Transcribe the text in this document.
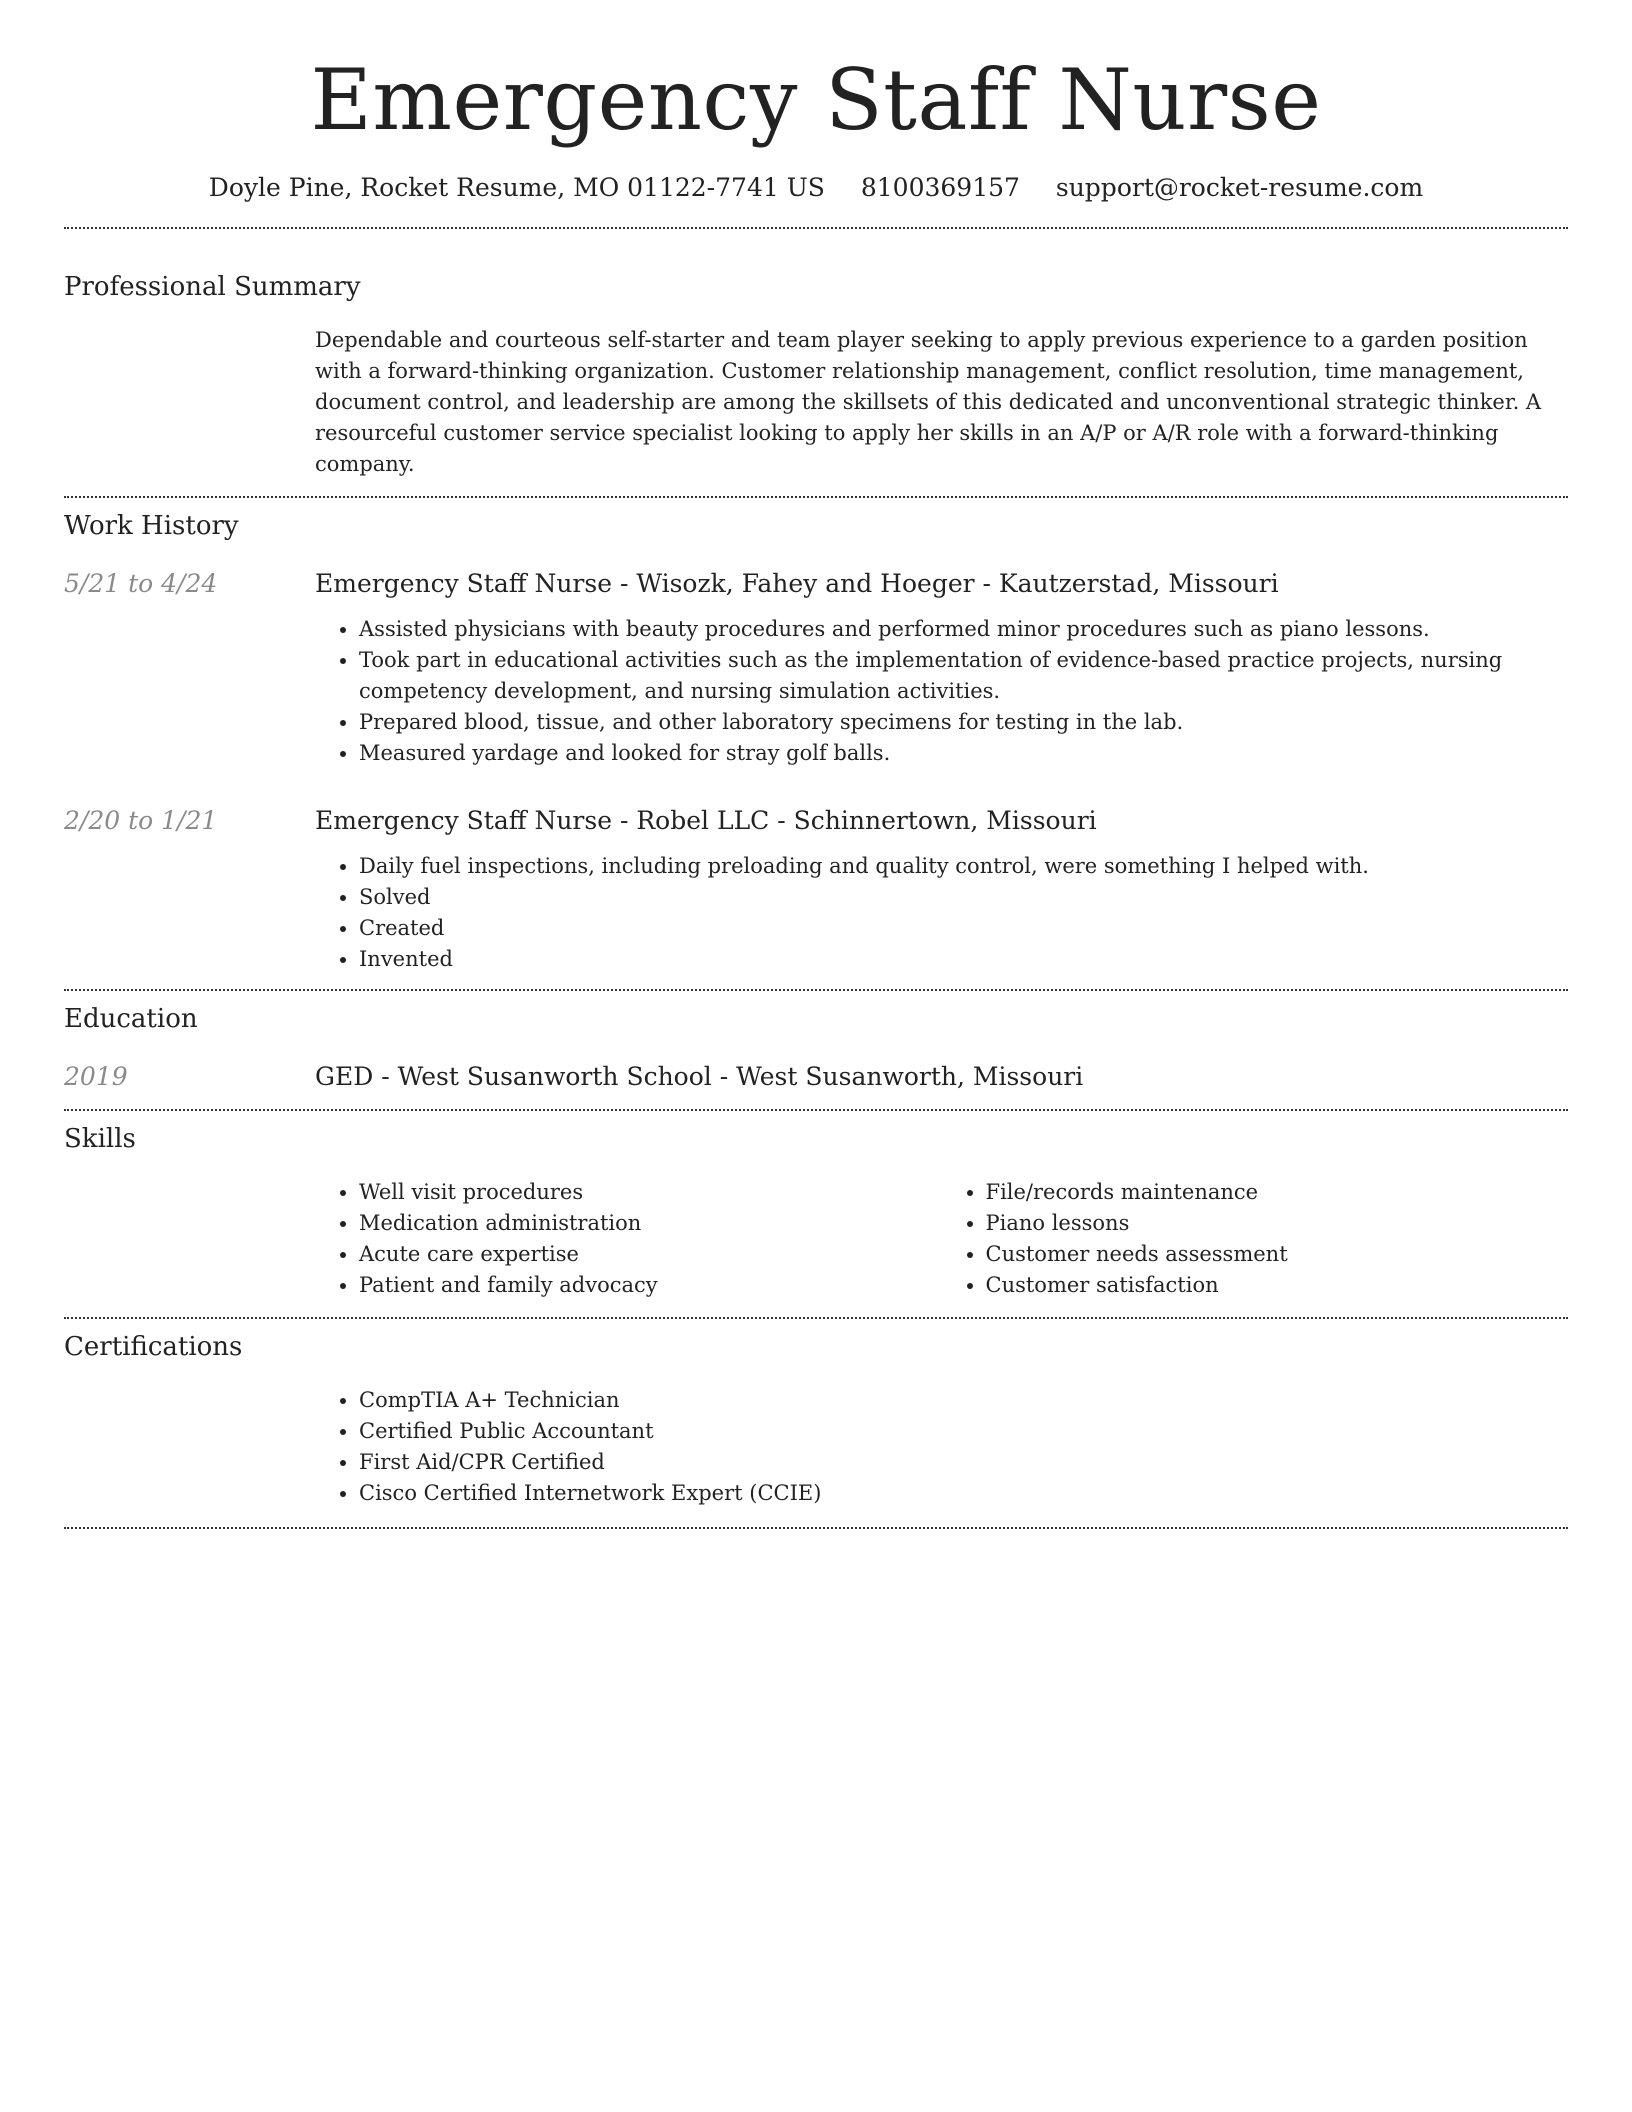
Emergency Staff Nurse
Doyle Pine, Rocket Resume, MO 01122-7741 US 8100369157 support@rocket-resume.com
Professional Summary
Dependable and courteous self-starter and team player seeking to apply previous experience to a garden position with a forward-thinking organization. Customer relationship management, conflict resolution, time management, document control, and leadership are among the skillsets of this dedicated and unconventional strategic thinker. A resourceful customer service specialist looking to apply her skills in an A/P or A/R role with a forward-thinking company.
Work History
5/21 to 4/24	Emergency Staff Nurse - Wisozk, Fahey and Hoeger - Kautzerstad, Missouri
• Assisted physicians with beauty procedures and performed minor procedures such as piano lessons.
• Took part in educational activities such as the implementation of evidence-based practice projects, nursing competency development, and nursing simulation activities.
• Prepared blood, tissue, and other laboratory specimens for testing in the lab.
• Measured yardage and looked for stray golf balls.
2/20 to 1/21	Emergency Staff Nurse - Robel LLC - Schinnertown, Missouri
• Daily fuel inspections, including preloading and quality control, were something I helped with.
• Solved
• Created
• Invented
Education
2019	GED - West Susanworth School - West Susanworth, Missouri
Skills
• Well visit procedures
• Medication administration
• Acute care expertise
• Patient and family advocacy
• File/records maintenance
• Piano lessons
• Customer needs assessment
• Customer satisfaction
Certifications
• CompTIA A+ Technician
• Certified Public Accountant
• First Aid/CPR Certified
• Cisco Certified Internetwork Expert (CCIE)
